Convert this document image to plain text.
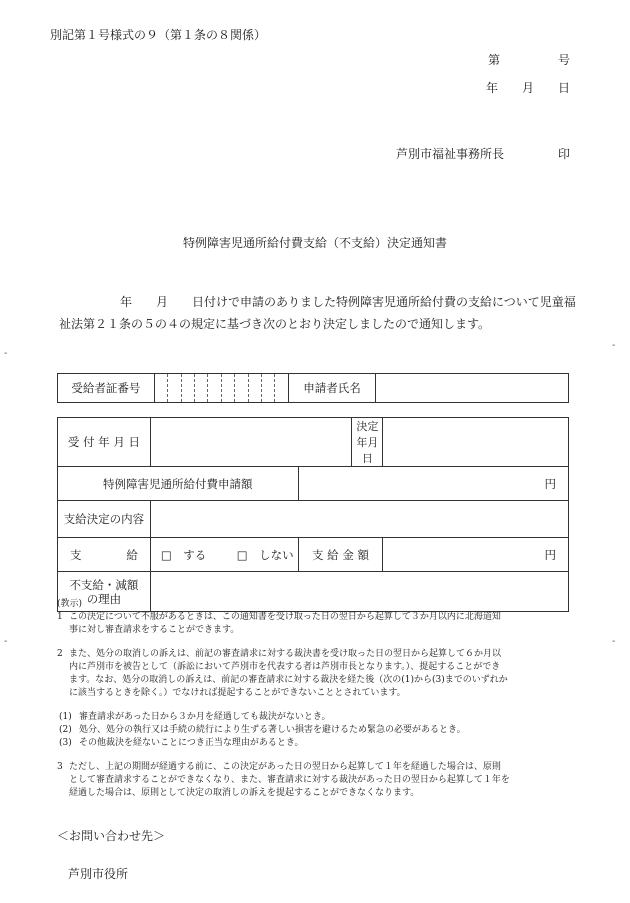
別記第１号様式の９（第１条の８関係）
第	号
年 月 日
芦別市福祉事務所長	印
特例障害児通所給付費支給（不支給）決定通知書
年 月 日付けで申請のありました特例障害児通所給付費の支給について児童福
祉法第２１条の５の４の規定に基づき次のとおり決定しましたので通知します。
-
-
-	-
受給者証番号											申請者氏名	
受 付 年 月 日			決定年月日	
特例障害児通所給付費申請額		円		
支給決定の内容				

支 給	□　する □　しない	支 給 金 額		円

不支給・減額
の理由				

(教示)

1 この決定について不服があるときは、この通知書を受け取った日の翌日から起算して３か月以内に北海道知

事に対し審査請求をすることができます。

2 また、処分の取消しの訴えは、前記の審査請求に対する裁決書を受け取った日の翌日から起算して６か月以

内に芦別市を被告として（訴訟において芦別市を代表する者は芦別市長となります。）、提起することができ

ます。なお、処分の取消しの訴えは、前記の審査請求に対する裁決を経た後（次の(1)から(3)までのいずれか

に該当するときを除く。）でなければ提起することができないこととされています。

(1) 審査請求があった日から３か月を経過しても裁決がないとき。
(2) 処分、処分の執行又は手続の続行により生ずる著しい損害を避けるため緊急の必要があるとき。
(3) その他裁決を経ないことにつき正当な理由があるとき。
3 ただし、上記の期間が経過する前に、この決定があった日の翌日から起算して１年を経過した場合は、原則

として審査請求することができなくなり、また、審査請求に対する裁決があった日の翌日から起算して１年を

経過した場合は、原則として決定の取消しの訴えを提起することができなくなります。

＜お問い合わせ先＞
芦別市役所
